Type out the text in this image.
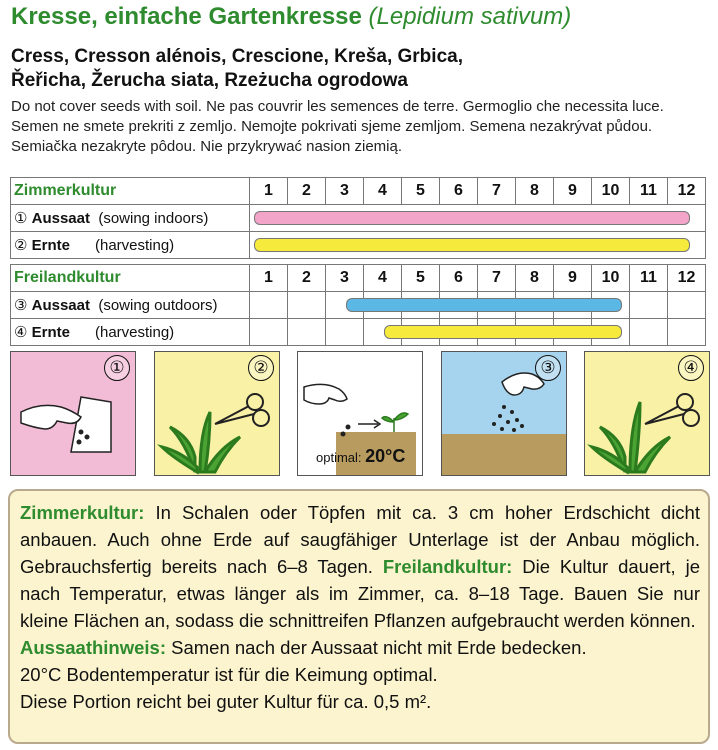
Kresse, einfache Gartenkresse (Lepidium sativum)
Cress, Cresson alénois, Crescione, Kreša, Grbica,
Řeřicha, Žerucha siata, Rzeżucha ogrodowa
Do not cover seeds with soil. Ne pas couvrir les semences de terre. Germoglio che necessita luce.
Semen ne smete prekriti z zemljo. Nemojte pokrivati sjeme zemljom. Semena nezakrývat půdou.
Semiačka nezakryte pôdou. Nie przykrywać nasion ziemią.
Zimmerkultur	1	2	3	4	5	6	7	8	9	10	11	12
① Aussaat (sowing indoors)												

② Ernte (harvesting)												
Freilandkultur	1	2	3	4	5	6	7	8	9	10	11	12
③ Aussaat (sowing outdoors)	

④ Ernte (harvesting)	

①	②
optimal: 20°C
③	④
Zimmerkultur: In Schalen oder Töpfen mit ca. 3 cm hoher Erdschicht dicht anbauen. Auch ohne Erde auf saugfähiger Unterlage ist der Anbau möglich. Gebrauchsfertig bereits nach 6–8 Tagen. Freilandkultur: Die Kultur dauert, je nach Temperatur, etwas länger als im Zimmer, ca. 8–18 Tage. Bauen Sie nur kleine Flächen an, sodass die schnittreifen Pflanzen aufgebraucht werden können.
Aussaathinweis: Samen nach der Aussaat nicht mit Erde bedecken.
20°C Bodentemperatur ist für die Keimung optimal.
Diese Portion reicht bei guter Kultur für ca. 0,5 m².
